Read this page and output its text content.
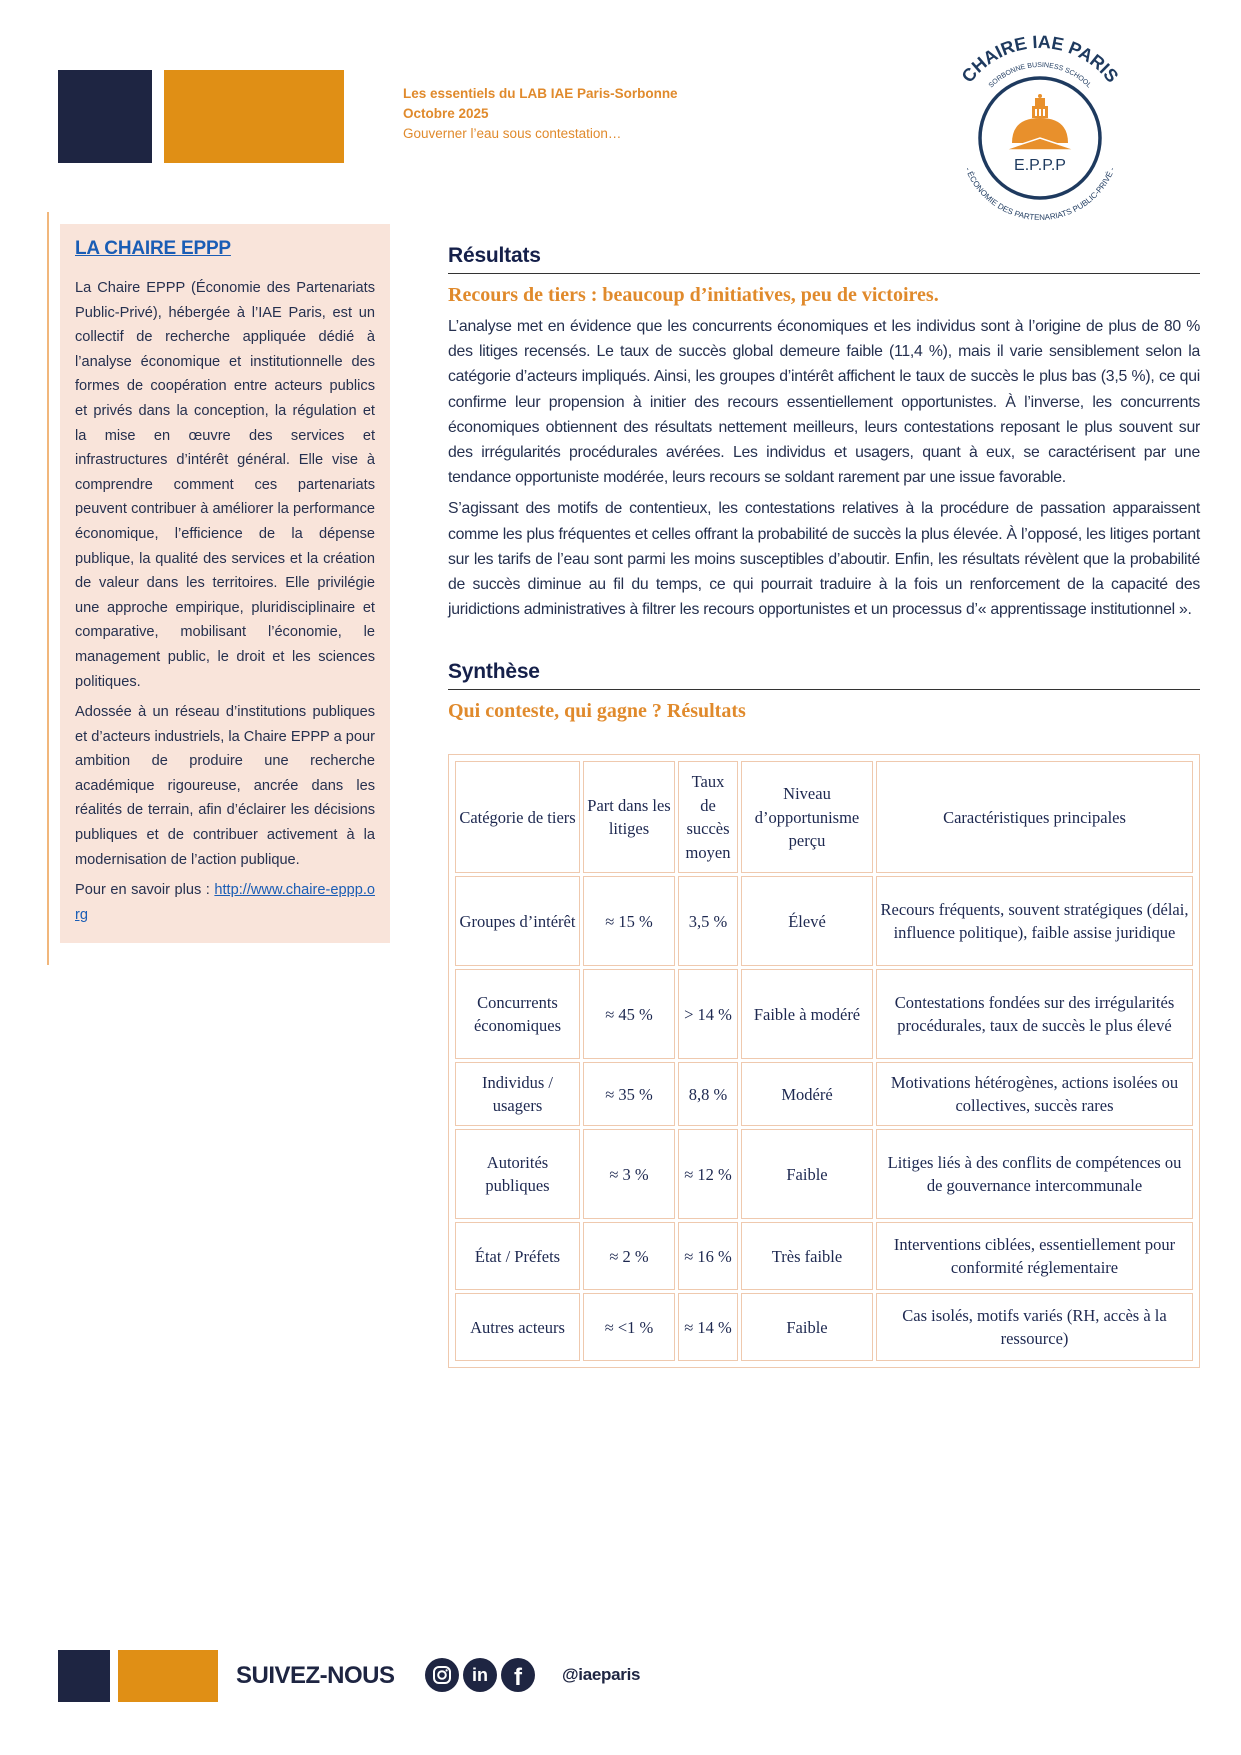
Les essentiels du LAB IAE Paris-Sorbonne
Octobre 2025
Gouverner l’eau sous contestation…
CHAIRE IAE PARIS
SORBONNE BUSINESS SCHOOL
E.P.P.P
- ÉCONOMIE DES PARTENARIATS PUBLIC-PRIVÉ -
LA CHAIRE EPPP

La Chaire EPPP (Économie des Partenariats Public-Privé), hébergée à l’IAE Paris, est un collectif de recherche appliquée dédié à l’analyse économique et institutionnelle des formes de coopération entre acteurs publics et privés dans la conception, la régulation et la mise en œuvre des services et infrastructures d’intérêt général. Elle vise à comprendre comment ces partenariats peuvent contribuer à améliorer la performance économique, l’efficience de la dépense publique, la qualité des services et la création de valeur dans les territoires. Elle privilégie une approche empirique, pluridisciplinaire et comparative, mobilisant l’économie, le management public, le droit et les sciences politiques.

Adossée à un réseau d’institutions publiques et d’acteurs industriels, la Chaire EPPP a pour ambition de produire une recherche académique rigoureuse, ancrée dans les réalités de terrain, afin d’éclairer les décisions publiques et de contribuer activement à la modernisation de l’action publique.

Pour en savoir plus : http://www.chaire-eppp.org

Résultats
Recours de tiers : beaucoup d’initiatives, peu de victoires.

L’analyse met en évidence que les concurrents économiques et les individus sont à l’origine de plus de 80 % des litiges recensés. Le taux de succès global demeure faible (11,4 %), mais il varie sensiblement selon la catégorie d’acteurs impliqués. Ainsi, les groupes d’intérêt affichent le taux de succès le plus bas (3,5 %), ce qui confirme leur propension à initier des recours essentiellement opportunistes. À l’inverse, les concurrents économiques obtiennent des résultats nettement meilleurs, leurs contestations reposant le plus souvent sur des irrégularités procédurales avérées. Les individus et usagers, quant à eux, se caractérisent par une tendance opportuniste modérée, leurs recours se soldant rarement par une issue favorable.

S’agissant des motifs de contentieux, les contestations relatives à la procédure de passation apparaissent comme les plus fréquentes et celles offrant la probabilité de succès la plus élevée. À l’opposé, les litiges portant sur les tarifs de l’eau sont parmi les moins susceptibles d’aboutir. Enfin, les résultats révèlent que la probabilité de succès diminue au fil du temps, ce qui pourrait traduire à la fois un renforcement de la capacité des juridictions administratives à filtrer les recours opportunistes et un processus d’« apprentissage institutionnel ».

Synthèse
Qui conteste, qui gagne ? Résultats
Catégorie de tiers	Part dans les litiges	Taux de succès moyen	Niveau d’opportunisme perçu	Caractéristiques principales
Groupes d’intérêt	≈ 15 %	3,5 %	Élevé	Recours fréquents, souvent stratégiques (délai, influence politique), faible assise juridique
Concurrents économiques	≈ 45 %	> 14 %	Faible à modéré	Contestations fondées sur des irrégularités procédurales, taux de succès le plus élevé
Individus / usagers	≈ 35 %	8,8 %	Modéré	Motivations hétérogènes, actions isolées ou collectives, succès rares
Autorités publiques	≈ 3 %	≈ 12 %	Faible	Litiges liés à des conflits de compétences ou de gouvernance intercommunale
État / Préfets	≈ 2 %	≈ 16 %	Très faible	Interventions ciblées, essentiellement pour conformité réglementaire
Autres acteurs	≈ <1 %	≈ 14 %	Faible	Cas isolés, motifs variés (RH, accès à la ressource)
SUIVEZ-NOUS	in f @iaeparis
